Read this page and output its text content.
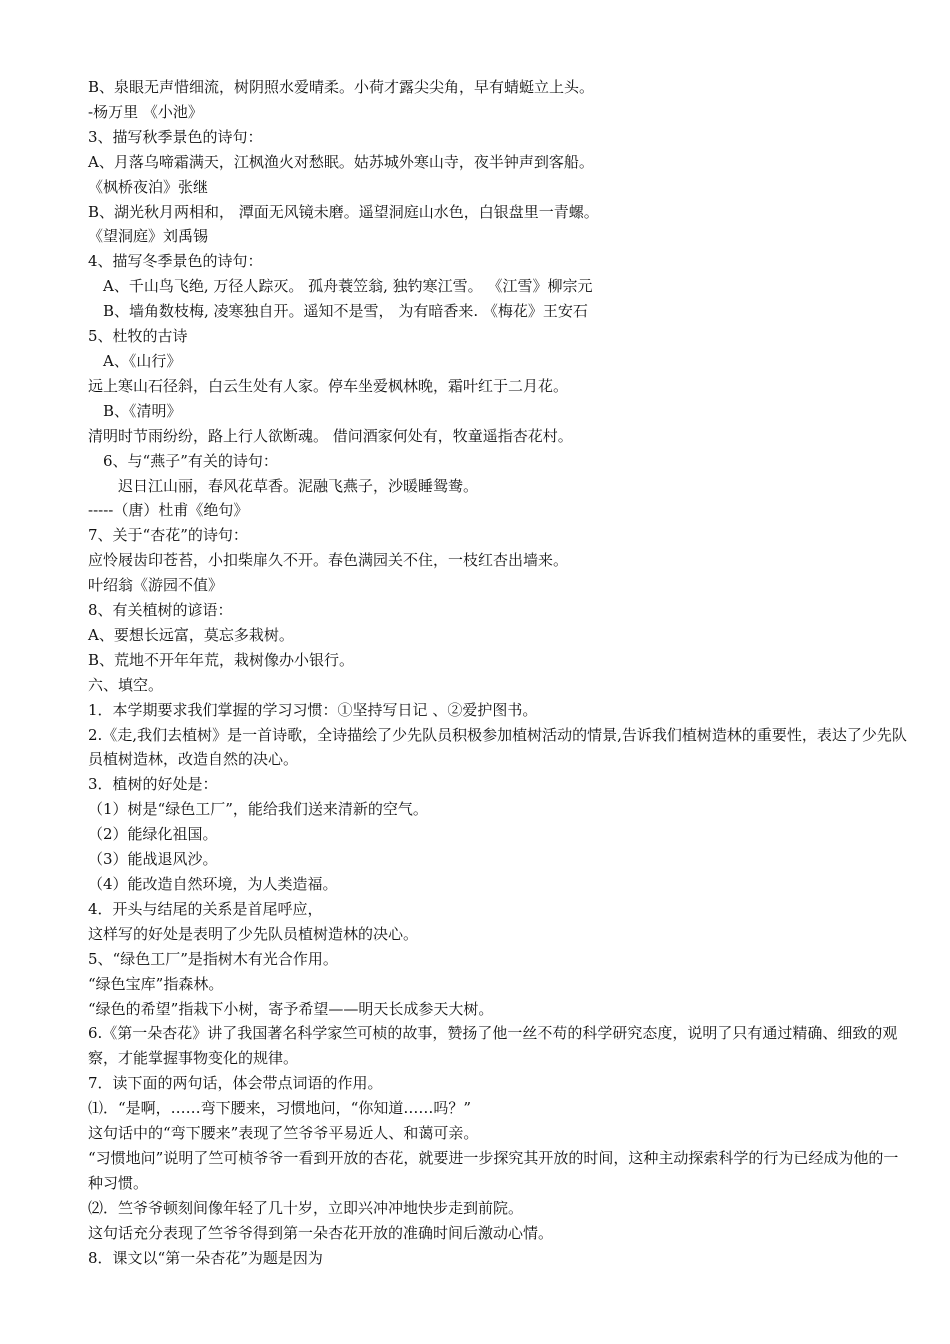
B、泉眼无声惜细流，树阴照水爱晴柔。小荷才露尖尖角，早有蜻蜓立上头。
-杨万里 《小池》
3、描写秋季景色的诗句：
A、月落乌啼霜满天，江枫渔火对愁眠。姑苏城外寒山寺，夜半钟声到客船。
《枫桥夜泊》张继
B、湖光秋月两相和， 潭面无风镜未磨。遥望洞庭山水色，白银盘里一青螺。
《望洞庭》刘禹锡
4、描写冬季景色的诗句：
A、千山鸟飞绝, 万径人踪灭。 孤舟蓑笠翁, 独钓寒江雪。 《江雪》柳宗元
B、墙角数枝梅, 凌寒独自开。遥知不是雪， 为有暗香来. 《梅花》王安石
5、杜牧的古诗
A、《山行》
远上寒山石径斜，白云生处有人家。停车坐爱枫林晚，霜叶红于二月花。
B、《清明》
清明时节雨纷纷，路上行人欲断魂。 借问酒家何处有，牧童遥指杏花村。
6、与“燕子”有关的诗句：
迟日江山丽，春风花草香。泥融飞燕子，沙暖睡鸳鸯。
-----（唐）杜甫《绝句》
7、关于“杏花”的诗句：
应怜屐齿印苍苔，小扣柴扉久不开。春色满园关不住，一枝红杏出墙来。
叶绍翁《游园不值》
8、有关植树的谚语：
A、要想长远富，莫忘多栽树。
B、荒地不开年年荒，栽树像办小银行。
六、填空。
1．本学期要求我们掌握的学习习惯：①坚持写日记 、②爱护图书。
2.《走,我们去植树》是一首诗歌，全诗描绘了少先队员积极参加植树活动的情景,告诉我们植树造林的重要性，表达了少先队员植树造林，改造自然的决心。
3．植树的好处是：
（1）树是“绿色工厂”，能给我们送来清新的空气。
（2）能绿化祖国。
（3）能战退风沙。
（4）能改造自然环境，为人类造福。
4．开头与结尾的关系是首尾呼应，
这样写的好处是表明了少先队员植树造林的决心。
5、“绿色工厂”是指树木有光合作用。
“绿色宝库”指森林。
“绿色的希望”指栽下小树，寄予希望——明天长成参天大树。
6.《第一朵杏花》讲了我国著名科学家竺可桢的故事，赞扬了他一丝不苟的科学研究态度，说明了只有通过精确、细致的观察，才能掌握事物变化的规律。
7．读下面的两句话，体会带点词语的作用。
⑴．“是啊，……弯下腰来，习惯地问，“你知道……吗？”
这句话中的“弯下腰来”表现了竺爷爷平易近人、和蔼可亲。
“习惯地问”说明了竺可桢爷爷一看到开放的杏花，就要进一步探究其开放的时间，这种主动探索科学的行为已经成为他的一种习惯。
⑵．竺爷爷顿刻间像年轻了几十岁，立即兴冲冲地快步走到前院。
这句话充分表现了竺爷爷得到第一朵杏花开放的准确时间后激动心情。
8．课文以“第一朵杏花”为题是因为
